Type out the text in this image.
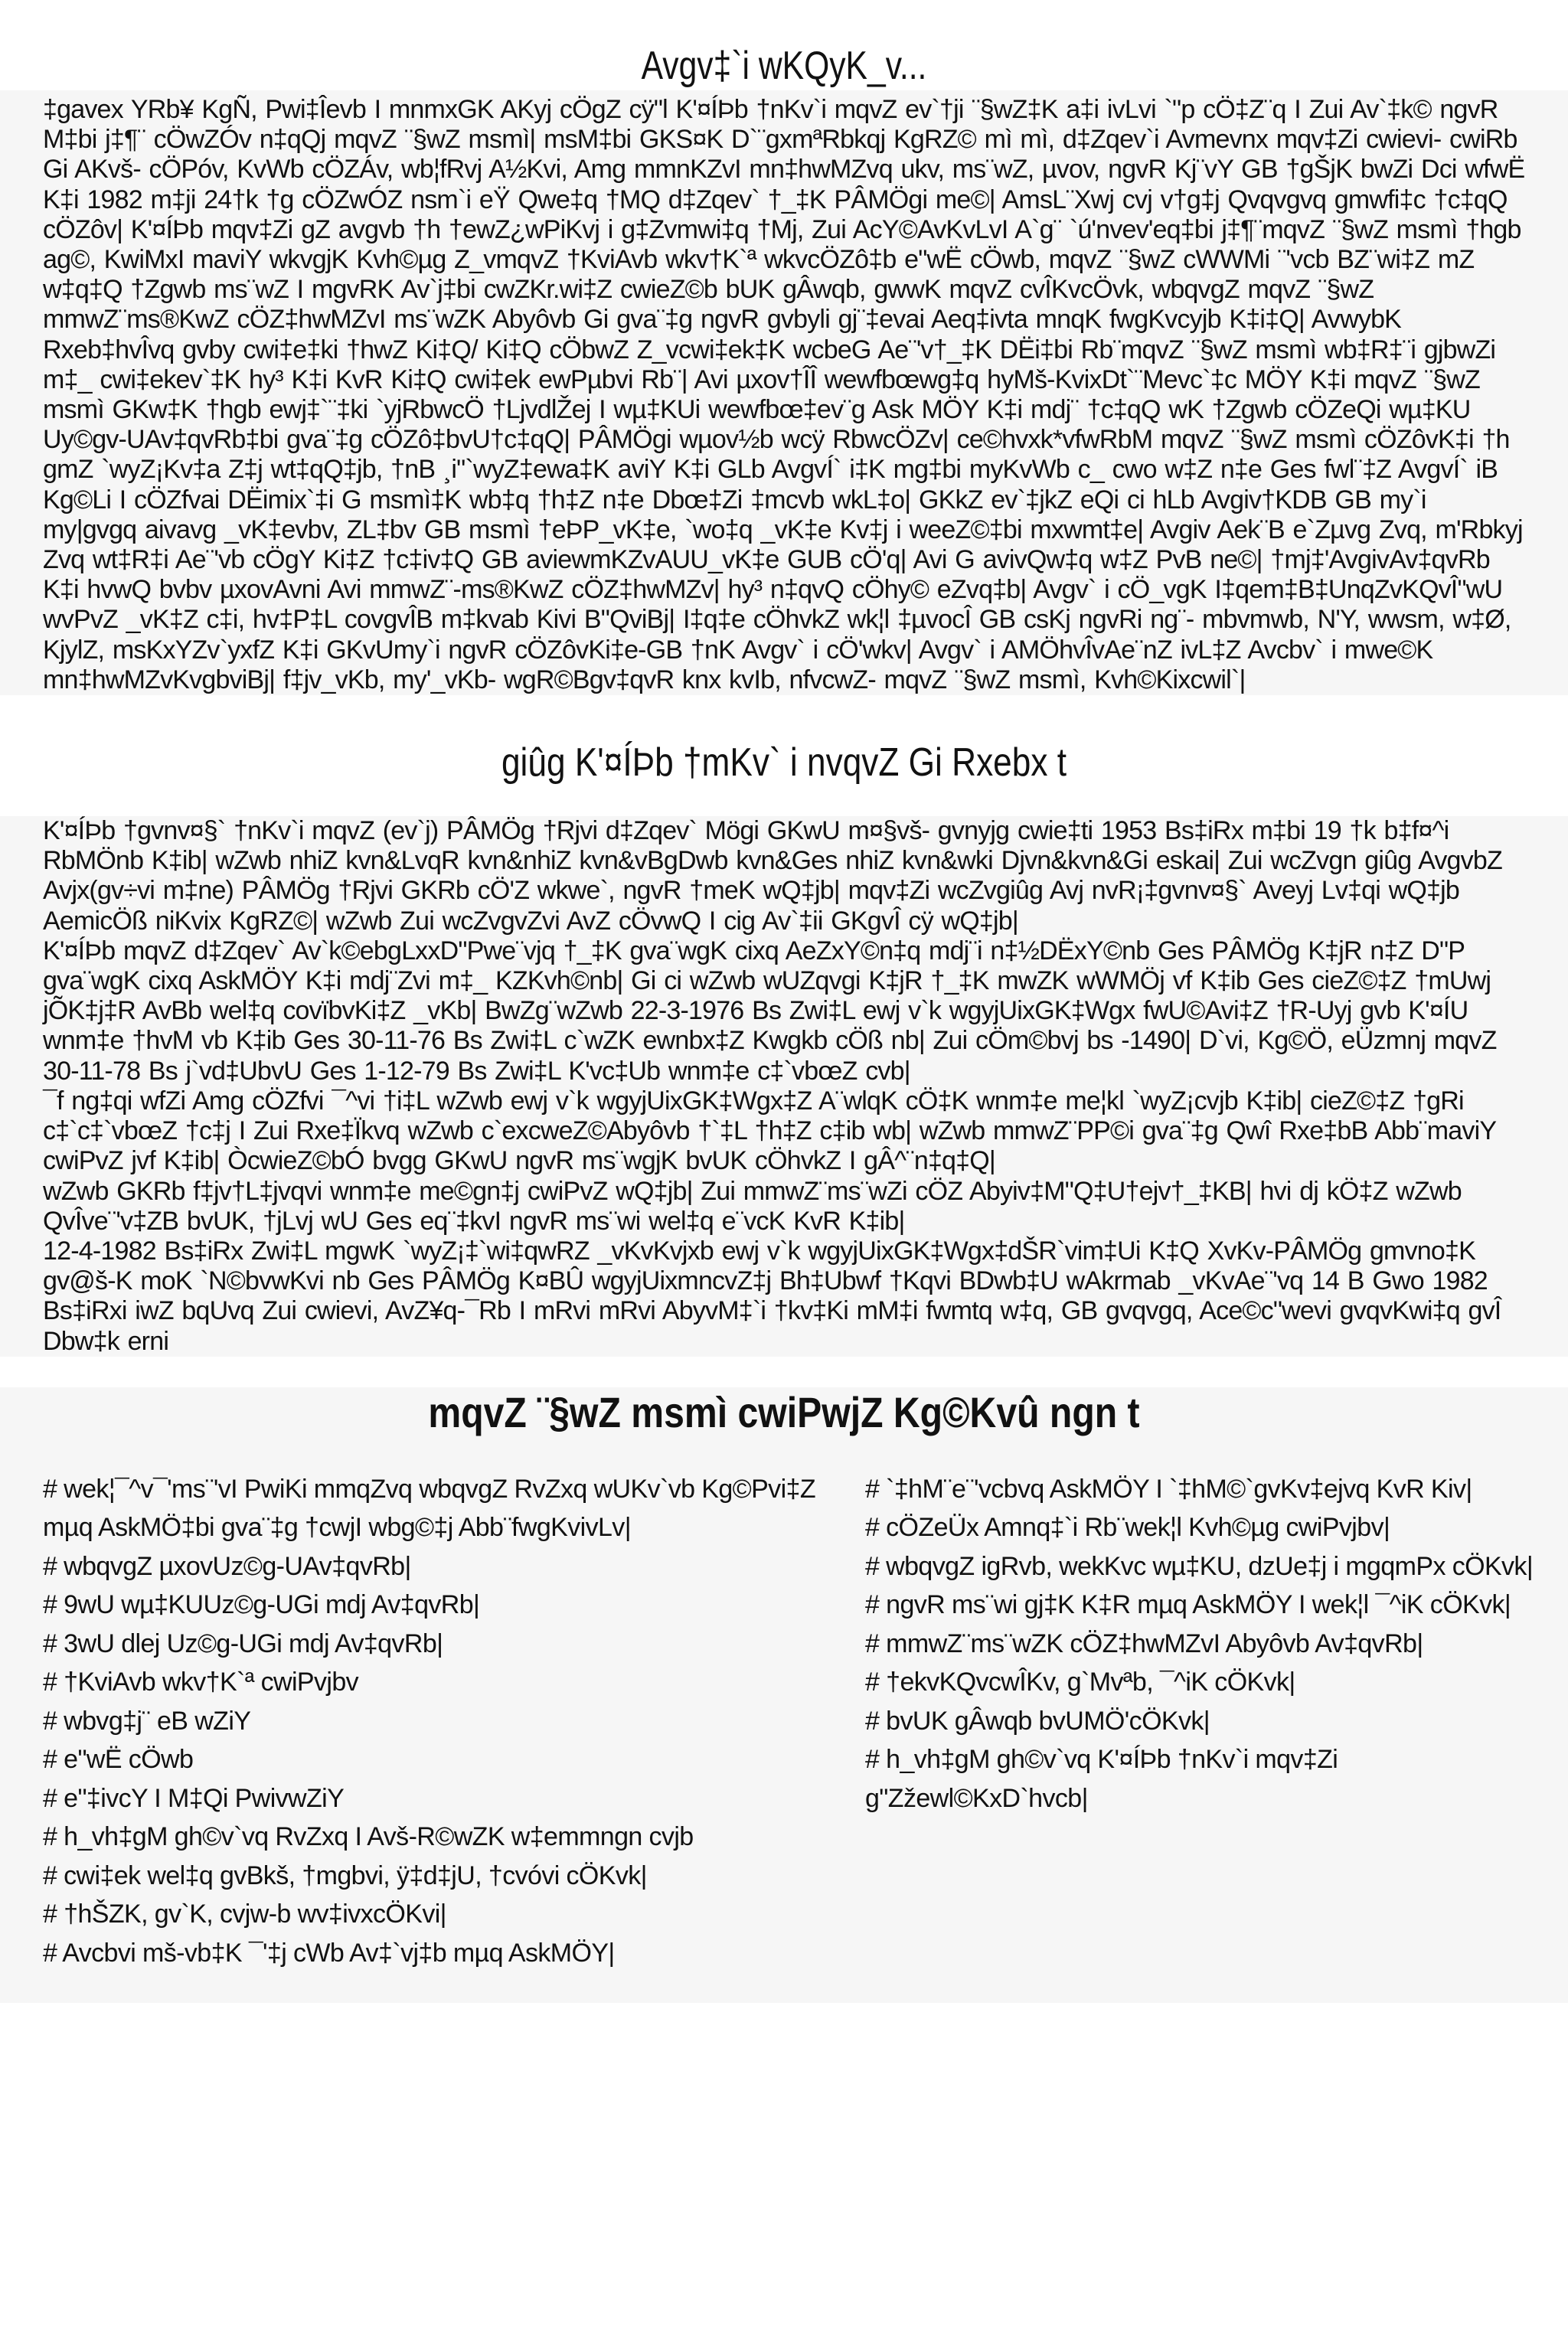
Avgv‡`i wKQyK_v...

‡gavex YRb¥ KgÑ, Pwi‡Îevb I mnmxGK AKyj cÖgZ cÿ"l K'¤ÍÞb †nKv`i mqvZ ev`†ji ¨§wZ‡K a‡i ivLvi `"p cÖ‡Z¨q I Zui Av`‡k© ngvR M‡bi j‡¶¨ cÖwZÓv n‡qQj mqvZ ¨§wZ msmì| msM‡bi GKS¤K D`¨gxmªRbkqj KgRZ© mì mì, d‡Zqev`i Avmevnx mqv‡Zi cwievi- cwiRb Gi AKvš- cÖPóv, KvWb cÖZÁv, wb¦fRvj A½Kvi, Amg mmnKZvI mn‡hwMZvq ukv, ms¨wZ, µvov, ngvR Kj¨vY GB †gŠjK bwZi Dci wfwË K‡i 1982 m‡ji 24†k †g cÖZwÓZ nsm`i eŸ Qwe‡q †MQ d‡Zqev` †_‡K PÂMÖgi me©| AmsL¨Xwj cvj v†g‡j Qvqvgvq gmwfi‡c †c‡qQ cÖZôv| K'¤ÍÞb mqv‡Zi gZ avgvb †h †ewZ¿wPiKvj i g‡Zvmwi‡q †Mj, Zui AcY©AvKvLvI A`g¨ `ú'nvev'eq‡bi j‡¶¨mqvZ ¨§wZ msmì †hgb ag©, KwiMxI maviY wkvgjK Kvh©µg Z_vmqvZ †KviAvb wkv†K`ª wkvcÖZô‡b e"wË cÖwb, mqvZ ¨§wZ cWWMi ¨'vcb BZ¨wi‡Z mZ w‡q‡Q †Zgwb ms¨wZ I mgvRK Av`j‡bi cwZKr.wi‡Z cwieZ©b bUK gÂwqb, gwwK mqvZ cvÎKvcÖvk, wbqvgZ mqvZ ¨§wZ mmwZ¨ms®KwZ cÖZ‡hwMZvI ms¨wZK Abyôvb Gi gva¨‡g ngvR gvbyli gj¨‡evai Aeq‡ivta mnqK fwgKvcyjb K‡i‡Q| AvwybK Rxeb‡hvÎvq gvby cwi‡e‡ki †hwZ Ki‡Q/ Ki‡Q cÖbwZ Z_vcwi‡ek‡K wcbeG Ae¨'v†_‡K DËi‡bi Rb¨mqvZ ¨§wZ msmì wb‡R‡¨i gjbwZi m‡_ cwi‡ekev`‡K hy³ K‡i KvR Ki‡Q cwi‡ek ewPµbvi Rb¨| Avi µxov†ÎÎ wewfbœwg‡q hyMš-KvixDt`¨Mevc`‡c MÖY K‡i mqvZ ¨§wZ msmì GKw‡K †hgb ewj‡`¨‡ki `yjRbwcÖ †LjvdlŽej I wµ‡KUi wewfbœ‡ev¨g Ask MÖY K‡i mdj¨ †c‡qQ wK †Zgwb cÖZeQi wµ‡KU Uy©gv-UAv‡qvRb‡bi gva¨‡g cÖZô‡bvU†c‡qQ| PÂMÖgi wµov½b wcÿ RbwcÖZv| ce©hvxk*vfwRbM mqvZ ¨§wZ msmì cÖZôvK‡i †h gmZ `wyZ¡Kv‡a Z‡j wt‡qQ‡jb, †nB ¸i"`wyZ‡ewa‡K aviY K‡i GLb AvgvÍ` i‡K mg‡bi myKvWb c_ cwo w‡Z n‡e Ges fwl¨‡Z AvgvÍ` iB Kg©Li I cÖZfvai DËimix`‡i G msmì‡K wb‡q †h‡Z n‡e Dbœ‡Zi ‡mcvb wkL‡o| GKkZ ev`‡jkZ eQi ci hLb Avgiv†KDB GB my`i my|gvgq aivavg _vK‡evbv, ZL‡bv GB msmì †eÞP_vK‡e, `wo‡q _vK‡e Kv‡j i weeZ©‡bi mxwmt‡e| Avgiv Aek¨B e`Zµvg Zvq, m'Rbkyj Zvq wt‡R‡i Ae¨'vb cÖgY Ki‡Z †c‡iv‡Q GB aviewmKZvAUU_vK‡e GUB cÖ'q| Avi G avivQw‡q w‡Z PvB ne©| †mj‡'AvgivAv‡qvRb K‡i hvwQ bvbv µxovAvni Avi mmwZ¨-ms®KwZ cÖZ‡hwMZv| hy³ n‡qvQ cÖhy© eZvq‡b| Avgv` i cÖ_vgK I‡qem‡B‡UnqZvKQvÎ"wU wvPvZ _vK‡Z c‡i, hv‡P‡L covgvÎB m‡kvab Kivi B"QviBj| I‡q‡e cÖhvkZ wk¦l ‡µvocÎ GB csKj ngvRi ng¨- mbvmwb, N'Y, wwsm, w‡Ø, KjylZ, msKxYZv`yxfZ K‡i GKvUmy`i ngvR cÖZôvKi‡e-GB †nK Avgv` i cÖ'wkv| Avgv` i AMÖhvÎvAe¨nZ ivL‡Z Avcbv` i mwe©K mn‡hwMZvKvgbviBj| f‡jv_vKb, my'_vKb- wgR©Bgv‡qvR knx kvIb, nfvcwZ- mqvZ ¨§wZ msmì, Kvh©Kixcwil`|

giûg K'¤ÍÞb †mKv` i nvqvZ Gi Rxebx t

K'¤ÍÞb †gvnv¤§` †nKv`i mqvZ (ev`j) PÂMÖg †Rjvi d‡Zqev` Mögi GKwU m¤§vš- gvnyjg cwie‡ti 1953 Bs‡iRx m‡bi 19 †k b‡f¤^i RbMÖnb K‡ib| wZwb nhiZ kvn&LvqR kvn&nhiZ kvn&vBgDwb kvn&Ges nhiZ kvn&wki Djvn&kvn&Gi eskai| Zui wcZvgn giûg AvgvbZ Avjx(gv÷vi m‡ne) PÂMÖg †Rjvi GKRb cÖ'Z wkwe`, ngvR †meK wQ‡jb| mqv‡Zi wcZvgiûg Avj nvR¡‡gvnv¤§` Aveyj Lv‡qi wQ‡jb AemicÖß niKvix KgRZ©| wZwb Zui wcZvgvZvi AvZ cÖvwQ I cig Av`‡ii GKgvÎ cÿ wQ‡jb|

K'¤ÍÞb mqvZ d‡Zqev` Av`k©ebgLxxD"Pwe¨vjq †_‡K gva¨wgK cixq AeZxY©n‡q mdj¨i n‡½DËxY©nb Ges PÂMÖg K‡jR n‡Z D"P gva¨wgK cixq AskMÖY K‡i mdj¨Zvi m‡_ KZKvh©nb| Gi ci wZwb wUZqvgi K‡jR †_‡K mwZK wWMÖj vf K‡ib Ges cieZ©‡Z †mUwj jÕK‡j‡R AvBb wel‡q covïbvKi‡Z _vKb| BwZg¨wZwb 22-3-1976 Bs Zwi‡L ewj v`k wgyjUixGK‡Wgx fwU©Avi‡Z †R-Uyj gvb K'¤ÍU wnm‡e †hvM vb K‡ib Ges 30-11-76 Bs Zwi‡L c`wZK ewnbx‡Z Kwgkb cÖß nb| Zui cÖm©bvj bs -1490| D`vi, Kg©Ö, eÜzmnj mqvZ 30-11-78 Bs j`vd‡UbvU Ges 1-12-79 Bs Zwi‡L K'vc‡Ub wnm‡e c‡`vbœZ cvb|

¯f ng‡qi wfZi Amg cÖZfvi ¯^vi †i‡L wZwb ewj v`k wgyjUixGK‡Wgx‡Z A¨wlqK cÖ‡K wnm‡e me¦kl `wyZ¡cvjb K‡ib| cieZ©‡Z †gRi c‡`c‡`vbœZ †c‡j I Zui Rxe‡Ïkvq wZwb c`excweZ©Abyôvb †`‡L †h‡Z c‡ib wb| wZwb mmwZ¨PP©i gva¨‡g Qwî Rxe‡bB Abb¨maviY cwiPvZ jvf K‡ib| ÒcwieZ©bÓ bvgg GKwU ngvR ms¨wgjK bvUK cÖhvkZ I gÂ^¨n‡q‡Q|

wZwb GKRb f‡jv†L‡jvqvi wnm‡e me©gn‡j cwiPvZ wQ‡jb| Zui mmwZ¨ms¨wZi cÖZ Abyiv‡M"Q‡U†ejv†_‡KB| hvi dj kÖ‡Z wZwb QvÎve¨'v‡ZB bvUK, †jLvj wU Ges eq¨‡kvI ngvR ms¨wi wel‡q e¨vcK KvR K‡ib|

12-4-1982 Bs‡iRx Zwi‡L mgwK `wyZ¡‡`wi‡qwRZ _vKvKvjxb ewj v`k wgyjUixGK‡Wgx‡dŠR`vim‡Ui K‡Q XvKv-PÂMÖg gmvno‡K gv@š-K moK `N©bvwKvi nb Ges PÂMÖg K¤BÛ wgyjUixmncvZ‡j Bh‡Ubwf †Kqvi BDwb‡U wAkrmab _vKvAe¨'vq 14 B Gwo 1982 Bs‡iRxi iwZ bqUvq Zui cwievi, AvZ¥q-¯Rb I mRvi mRvi AbyvM‡`i †kv‡Ki mM‡i fwmtq w‡q, GB gvqvgq, Ace©c"wevi gvqvKwi‡q gvÎ Dbw‡k erni

mqvZ ¨§wZ msmì cwiPwjZ Kg©Kvû ngn t
# wek¦¯^v¯'ms¨'vI PwiKi mmqZvq wbqvgZ RvZxq wUKv`vb Kg©Pvi‡Z mµq AskMÖ‡bi gva¨‡g †cwjI wbg©‡j Abb¨fwgKvivLv|
# wbqvgZ µxovUz©g-UAv‡qvRb|
# 9wU wµ‡KUUz©g-UGi mdj Av‡qvRb|
# 3wU dlej Uz©g-UGi mdj Av‡qvRb|
# †KviAvb wkv†K`ª cwiPvjbv
# wbvg‡j¨ eB wZiY
# e"wË cÖwb
# e"‡ivcY I M‡Qi PwivwZiY
# h_vh‡gM gh©v`vq RvZxq I Avš-R©wZK w‡emmngn cvjb
# cwi‡ek wel‡q gvBkš, †mgbvi, ÿ‡d‡jU, †cvóvi cÖKvk|
# †hŠZK, gv`K, cvjw-b wv‡ivxcÖKvi|
# Avcbvi mš-vb‡K ¯'‡j cWb Av‡`vj‡b mµq AskMÖY|
# `‡hM¨e¨'vcbvq AskMÖY I `‡hM©`gvKv‡ejvq KvR Kiv|
# cÖZeÜx Amnq‡`i Rb¨wek¦l Kvh©µg cwiPvjbv|
# wbqvgZ igRvb, wekKvc wµ‡KU, dzUe‡j i mgqmPx cÖKvk|
# ngvR ms¨wi gj‡K K‡R mµq AskMÖY I wek¦l ¯^iK cÖKvk|
# mmwZ¨ms¨wZK cÖZ‡hwMZvI Abyôvb Av‡qvRb|
# †ekvKQvcwÎKv, g`Mvªb, ¯^iK cÖKvk|
# bvUK gÂwqb bvUMÖ'cÖKvk|
# h_vh‡gM gh©v`vq K'¤ÍÞb †nKv`i mqv‡Zi g"Zžewl©KxD`hvcb|
